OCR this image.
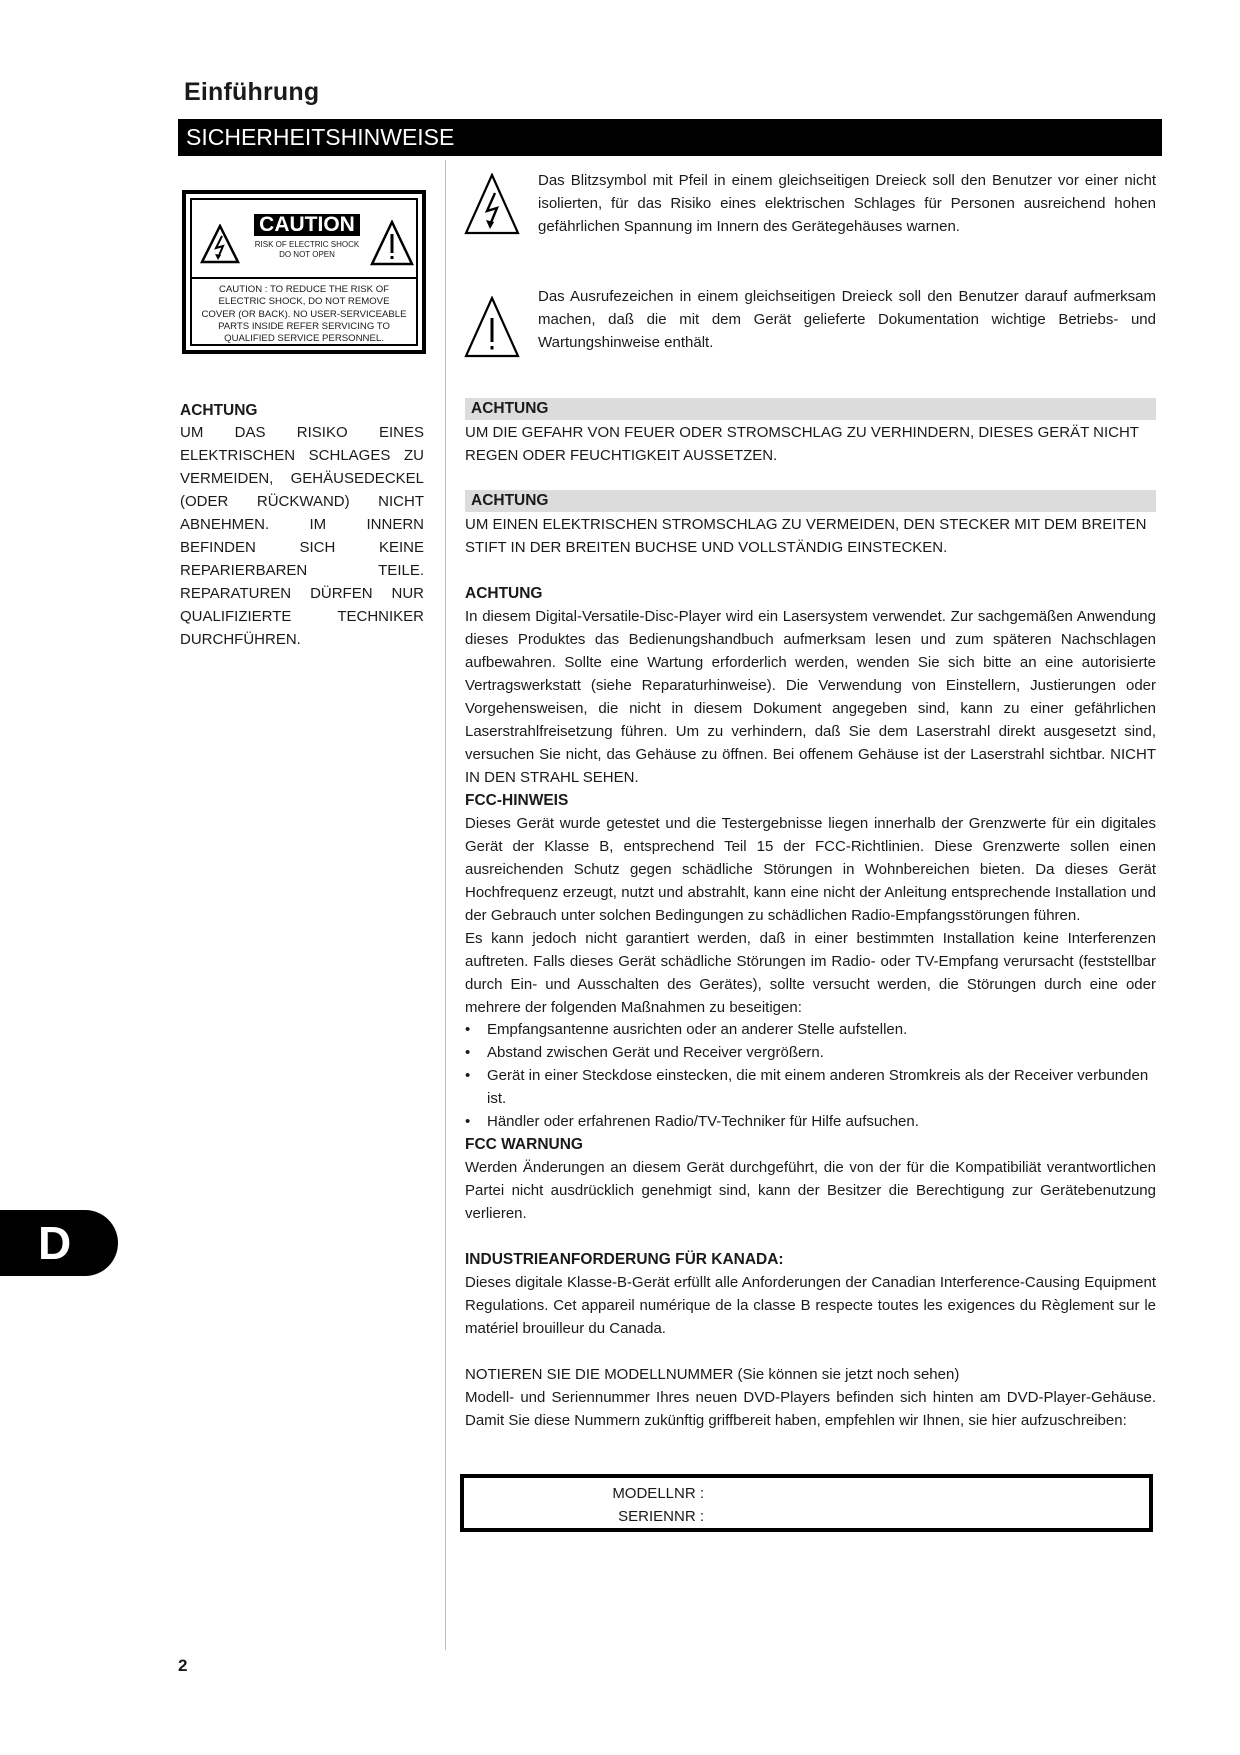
Einführung
SICHERHEITSHINWEISE
CAUTION
RISK OF ELECTRIC SHOCK
DO NOT OPEN
CAUTION : TO REDUCE THE RISK OF
ELECTRIC SHOCK, DO NOT REMOVE
COVER (OR BACK). NO USER-SERVICEABLE
PARTS INSIDE REFER SERVICING TO
QUALIFIED SERVICE PERSONNEL.
ACHTUNG
UM DAS RISIKO EINES ELEKTRISCHEN SCHLAGES ZU VERMEIDEN, GEHÄUSEDECKEL (ODER RÜCKWAND) NICHT ABNEHMEN. IM INNERN BEFINDEN SICH KEINE REPARIERBAREN TEILE. REPARATUREN DÜRFEN NUR QUALIFIZIERTE TECHNIKER DURCHFÜHREN.
Das Blitzsymbol mit Pfeil in einem gleichseitigen Dreieck soll den Benutzer vor einer nicht isolierten, für das Risiko eines elektrischen Schlages für Personen ausreichend hohen gefährlichen Spannung im Innern des Gerätegehäuses warnen.
Das Ausrufezeichen in einem gleichseitigen Dreieck soll den Benutzer darauf aufmerksam machen, daß die mit dem Gerät gelieferte Dokumentation wichtige Betriebs- und Wartungshinweise enthält.
ACHTUNG
UM DIE GEFAHR VON FEUER ODER STROMSCHLAG ZU VERHINDERN, DIESES GERÄT NICHT REGEN ODER FEUCHTIGKEIT AUSSETZEN.
ACHTUNG
UM EINEN ELEKTRISCHEN STROMSCHLAG ZU VERMEIDEN, DEN STECKER MIT DEM BREITEN STIFT IN DER BREITEN BUCHSE UND VOLLSTÄNDIG EINSTECKEN.
ACHTUNG
In diesem Digital-Versatile-Disc-Player wird ein Lasersystem verwendet. Zur sachgemäßen Anwendung dieses Produktes das Bedienungshandbuch aufmerksam lesen und zum späteren Nachschlagen aufbewahren. Sollte eine Wartung erforderlich werden, wenden Sie sich bitte an eine autorisierte Vertragswerkstatt (siehe Reparaturhinweise). Die Verwendung von Einstellern, Justierungen oder Vorgehensweisen, die nicht in diesem Dokument angegeben sind, kann zu einer gefährlichen Laserstrahlfreisetzung führen. Um zu verhindern, daß Sie dem Laserstrahl direkt ausgesetzt sind, versuchen Sie nicht, das Gehäuse zu öffnen. Bei offenem Gehäuse ist der Laserstrahl sichtbar. NICHT IN DEN STRAHL SEHEN.
FCC-HINWEIS
Dieses Gerät wurde getestet und die Testergebnisse liegen innerhalb der Grenzwerte für ein digitales Gerät der Klasse B, entsprechend Teil 15 der FCC-Richtlinien. Diese Grenzwerte sollen einen ausreichenden Schutz gegen schädliche Störungen in Wohnbereichen bieten. Da dieses Gerät Hochfrequenz erzeugt, nutzt und abstrahlt, kann eine nicht der Anleitung entsprechende Installation und der Gebrauch unter solchen Bedingungen zu schädlichen Radio-Empfangsstörungen führen.
Es kann jedoch nicht garantiert werden, daß in einer bestimmten Installation keine Interferenzen auftreten. Falls dieses Gerät schädliche Störungen im Radio- oder TV-Empfang verursacht (feststellbar durch Ein- und Ausschalten des Gerätes), sollte versucht werden, die Störungen durch eine oder mehrere der folgenden Maßnahmen zu beseitigen:
• Empfangsantenne ausrichten oder an anderer Stelle aufstellen.
• Abstand zwischen Gerät und Receiver vergrößern.
• Gerät in einer Steckdose einstecken, die mit einem anderen Stromkreis als der Receiver verbunden ist.
• Händler oder erfahrenen Radio/TV-Techniker für Hilfe aufsuchen.
FCC WARNUNG
Werden Änderungen an diesem Gerät durchgeführt, die von der für die Kompatibiliät verantwortlichen Partei nicht ausdrücklich genehmigt sind, kann der Besitzer die Berechtigung zur Gerätebenutzung verlieren.
INDUSTRIEANFORDERUNG FÜR KANADA:
Dieses digitale Klasse-B-Gerät erfüllt alle Anforderungen der Canadian Interference-Causing Equipment Regulations. Cet appareil numérique de la classe B respecte toutes les exigences du Règlement sur le matériel brouilleur du Canada.
NOTIEREN SIE DIE MODELLNUMMER (Sie können sie jetzt noch sehen)
Modell- und Seriennummer Ihres neuen DVD-Players befinden sich hinten am DVD-Player-Gehäuse. Damit Sie diese Nummern zukünftig griffbereit haben, empfehlen wir Ihnen, sie hier aufzuschreiben:
MODELLNR :
SERIENNR :
D
2
